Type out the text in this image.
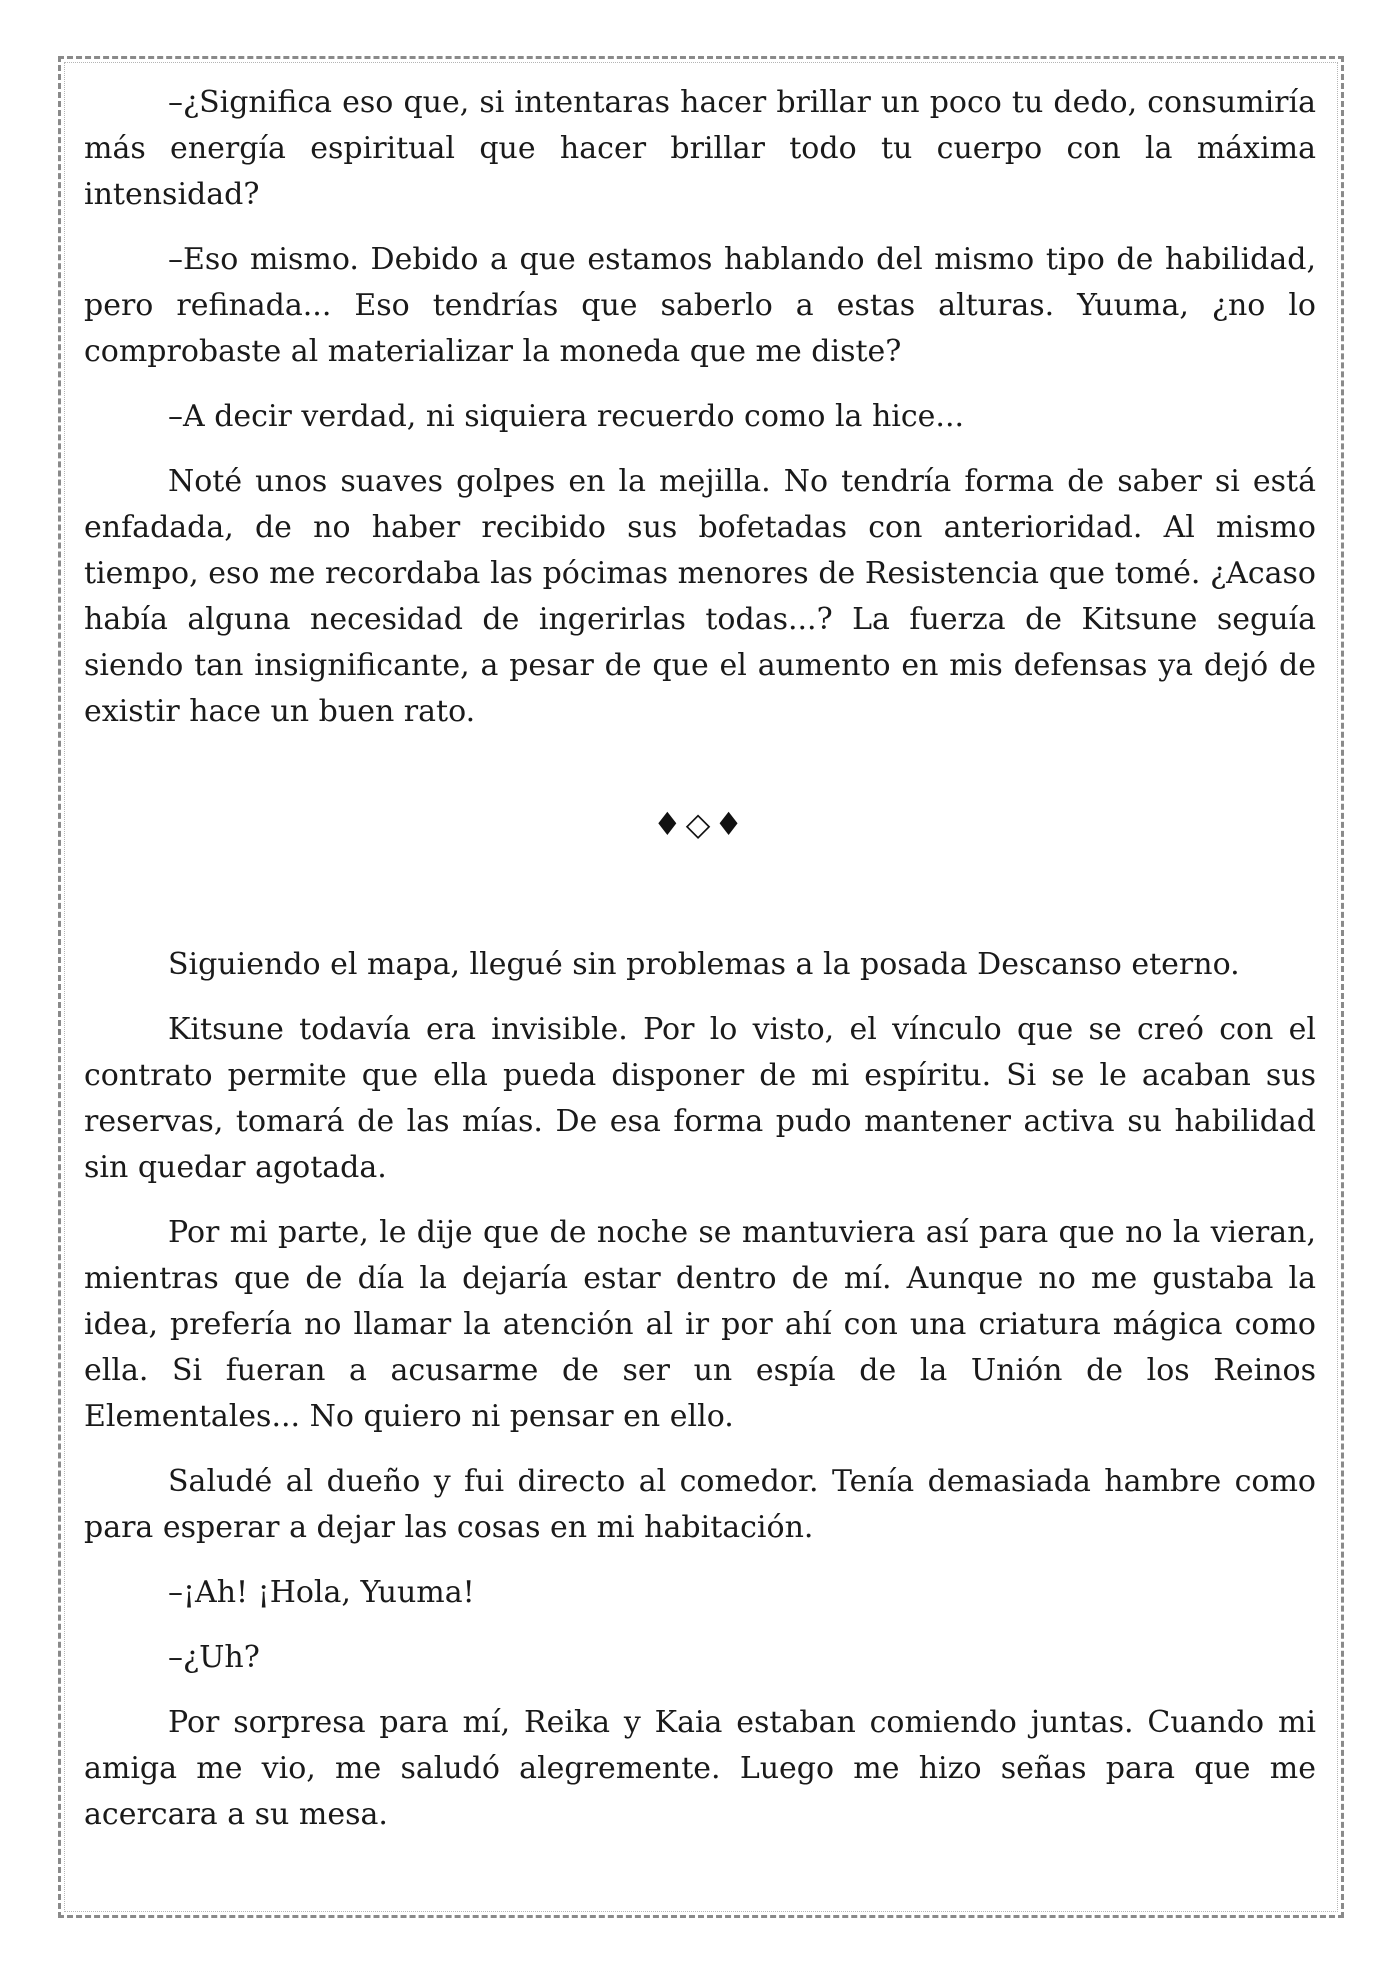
–¿Significa eso que, si intentaras hacer brillar un poco tu dedo, consumiría más energía espiritual que hacer brillar todo tu cuerpo con la máxima intensidad?

–Eso mismo. Debido a que estamos hablando del mismo tipo de habilidad, pero refinada... Eso tendrías que saberlo a estas alturas. Yuuma, ¿no lo comprobaste al materializar la moneda que me diste?

–A decir verdad, ni siquiera recuerdo como la hice...

Noté unos suaves golpes en la mejilla. No tendría forma de saber si está enfadada, de no haber recibido sus bofetadas con anterioridad. Al mismo tiempo, eso me recordaba las pócimas menores de Resistencia que tomé. ¿Acaso había alguna necesidad de ingerirlas todas...? La fuerza de Kitsune seguía siendo tan insignificante, a pesar de que el aumento en mis defensas ya dejó de existir hace un buen rato.

♦◇♦

Siguiendo el mapa, llegué sin problemas a la posada Descanso eterno.

Kitsune todavía era invisible. Por lo visto, el vínculo que se creó con el contrato permite que ella pueda disponer de mi espíritu. Si se le acaban sus reservas, tomará de las mías. De esa forma pudo mantener activa su habilidad sin quedar agotada.

Por mi parte, le dije que de noche se mantuviera así para que no la vieran, mientras que de día la dejaría estar dentro de mí. Aunque no me gustaba la idea, prefería no llamar la atención al ir por ahí con una criatura mágica como ella. Si fueran a acusarme de ser un espía de la Unión de los Reinos Elementales... No quiero ni pensar en ello.

Saludé al dueño y fui directo al comedor. Tenía demasiada hambre como para esperar a dejar las cosas en mi habitación.

–¡Ah! ¡Hola, Yuuma!

–¿Uh?

Por sorpresa para mí, Reika y Kaia estaban comiendo juntas. Cuando mi amiga me vio, me saludó alegremente. Luego me hizo señas para que me acercara a su mesa.
